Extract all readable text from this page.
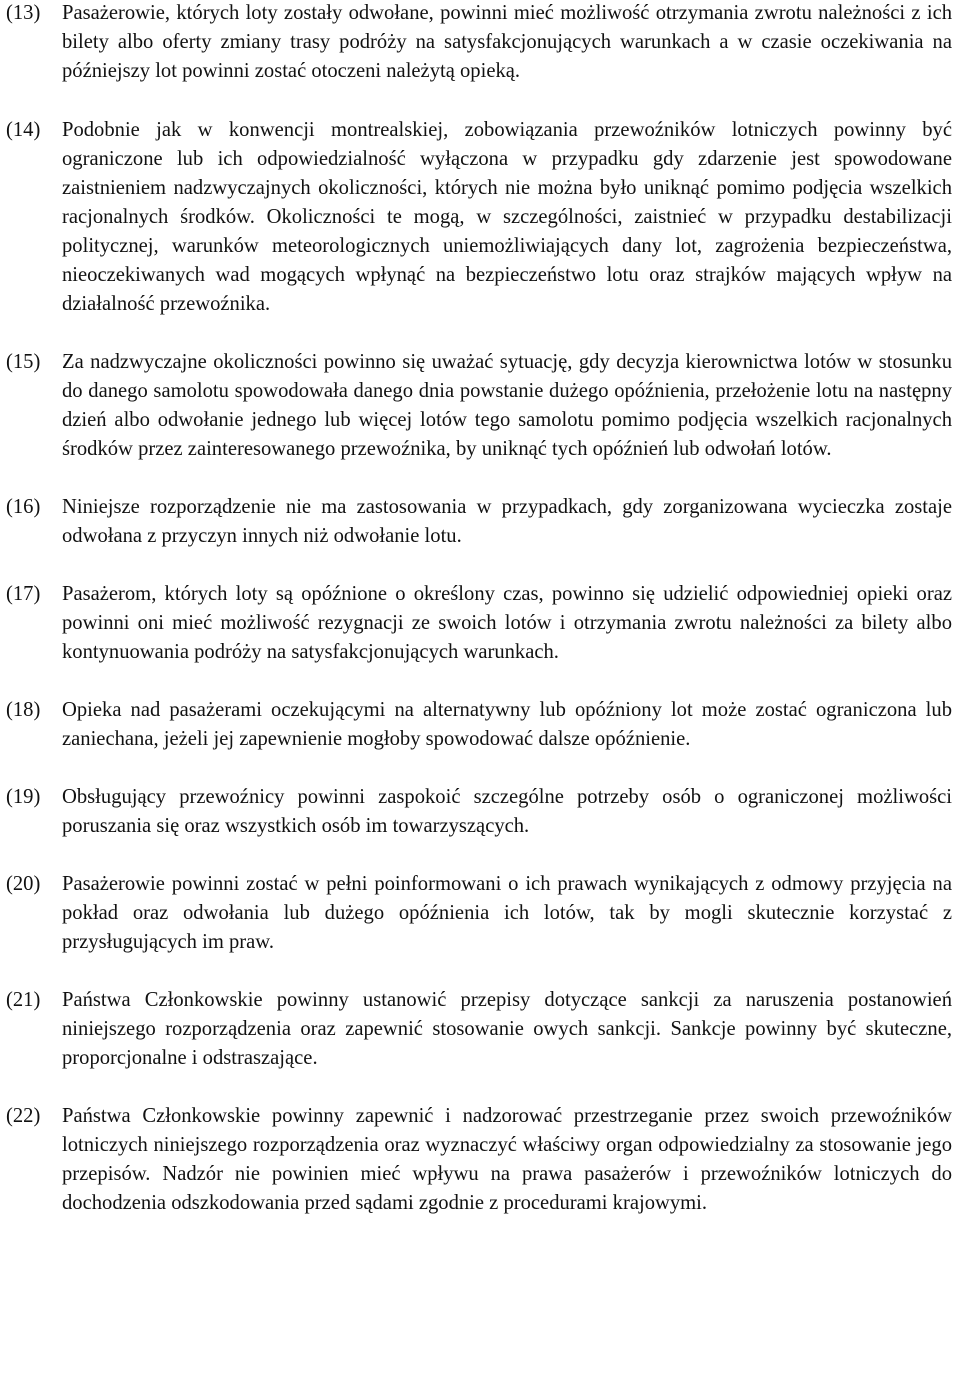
(13)	Pasażerowie, których loty zostały odwołane, powinni mieć możliwość otrzymania zwrotu należności z ich bilety albo oferty zmiany trasy podróży na satysfakcjonujących warunkach a w czasie oczekiwania na późniejszy lot powinni zostać otoczeni należytą opieką.
(14)	Podobnie jak w konwencji montrealskiej, zobowiązania przewoźników lotniczych powinny być ograniczone lub ich odpowiedzialność wyłączona w przypadku gdy zdarzenie jest spowodowane zaistnieniem nadzwyczajnych okoliczności, których nie można było uniknąć pomimo podjęcia wszelkich racjonalnych środków. Okoliczności te mogą, w szczególności, zaistnieć w przypadku destabilizacji politycznej, warunków meteorologicznych uniemożliwiających dany lot, zagrożenia bezpieczeństwa, nieoczekiwanych wad mogących wpłynąć na bezpieczeństwo lotu oraz strajków mających wpływ na działalność przewoźnika.
(15)	Za nadzwyczajne okoliczności powinno się uważać sytuację, gdy decyzja kierownictwa lotów w stosunku do danego samolotu spowodowała danego dnia powstanie dużego opóźnienia, przełożenie lotu na następny dzień albo odwołanie jednego lub więcej lotów tego samolotu pomimo podjęcia wszelkich racjonalnych środków przez zainteresowanego przewoźnika, by uniknąć tych opóźnień lub odwołań lotów.
(16)	Niniejsze rozporządzenie nie ma zastosowania w przypadkach, gdy zorganizowana wycieczka zostaje odwołana z przyczyn innych niż odwołanie lotu.
(17)	Pasażerom, których loty są opóźnione o określony czas, powinno się udzielić odpowiedniej opieki oraz powinni oni mieć możliwość rezygnacji ze swoich lotów i otrzymania zwrotu należności za bilety albo kontynuowania podróży na satysfakcjonujących warunkach.
(18)	Opieka nad pasażerami oczekującymi na alternatywny lub opóźniony lot może zostać ograniczona lub zaniechana, jeżeli jej zapewnienie mogłoby spowodować dalsze opóźnienie.
(19)	Obsługujący przewoźnicy powinni zaspokoić szczególne potrzeby osób o ograniczonej możliwości poruszania się oraz wszystkich osób im towarzyszących.
(20)	Pasażerowie powinni zostać w pełni poinformowani o ich prawach wynikających z odmowy przyjęcia na pokład oraz odwołania lub dużego opóźnienia ich lotów, tak by mogli skutecznie korzystać z przysługujących im praw.
(21)	Państwa Członkowskie powinny ustanowić przepisy dotyczące sankcji za naruszenia postanowień niniejszego rozporządzenia oraz zapewnić stosowanie owych sankcji. Sankcje powinny być skuteczne, proporcjonalne i odstraszające.
(22)	Państwa Członkowskie powinny zapewnić i nadzorować przestrzeganie przez swoich przewoźników lotniczych niniejszego rozporządzenia oraz wyznaczyć właściwy organ odpowiedzialny za stosowanie jego przepisów. Nadzór nie powinien mieć wpływu na prawa pasażerów i przewoźników lotniczych do dochodzenia odszkodowania przed sądami zgodnie z procedurami krajowymi.
